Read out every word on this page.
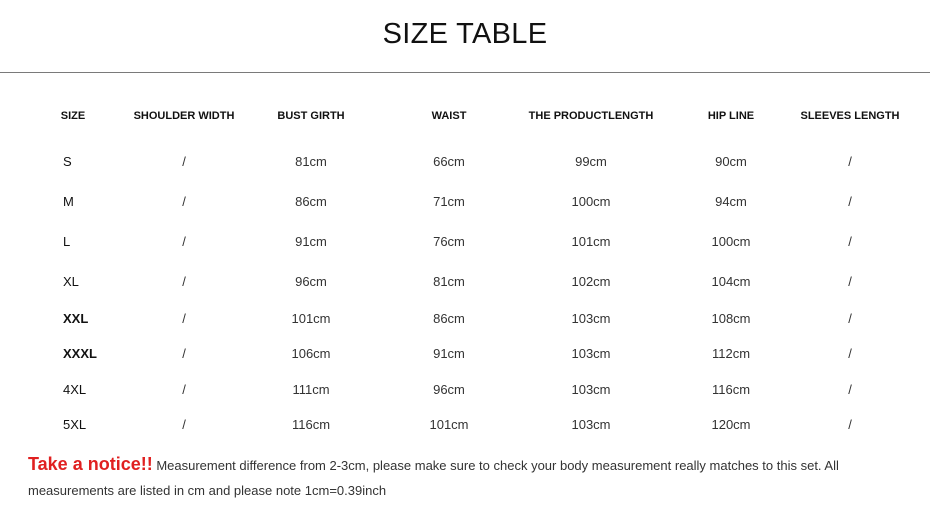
SIZE TABLE
SIZE	SHOULDER WIDTH	BUST GIRTH	WAIST	THE PRODUCTLENGTH	HIP LINE	SLEEVES LENGTH
S	/	81cm	66cm	99cm	90cm	/
M	/	86cm	71cm	100cm	94cm	/
L	/	91cm	76cm	101cm	100cm	/
XL	/	96cm	81cm	102cm	104cm	/
XXL	/	101cm	86cm	103cm	108cm	/
XXXL	/	106cm	91cm	103cm	112cm	/
4XL	/	111cm	96cm	103cm	116cm	/
5XL	/	116cm	101cm	103cm	120cm	/
Take a notice!! Measurement difference from 2-3cm, please make sure to check your body measurement really matches to this set. All measurements are listed in cm and please note 1cm=0.39inch
